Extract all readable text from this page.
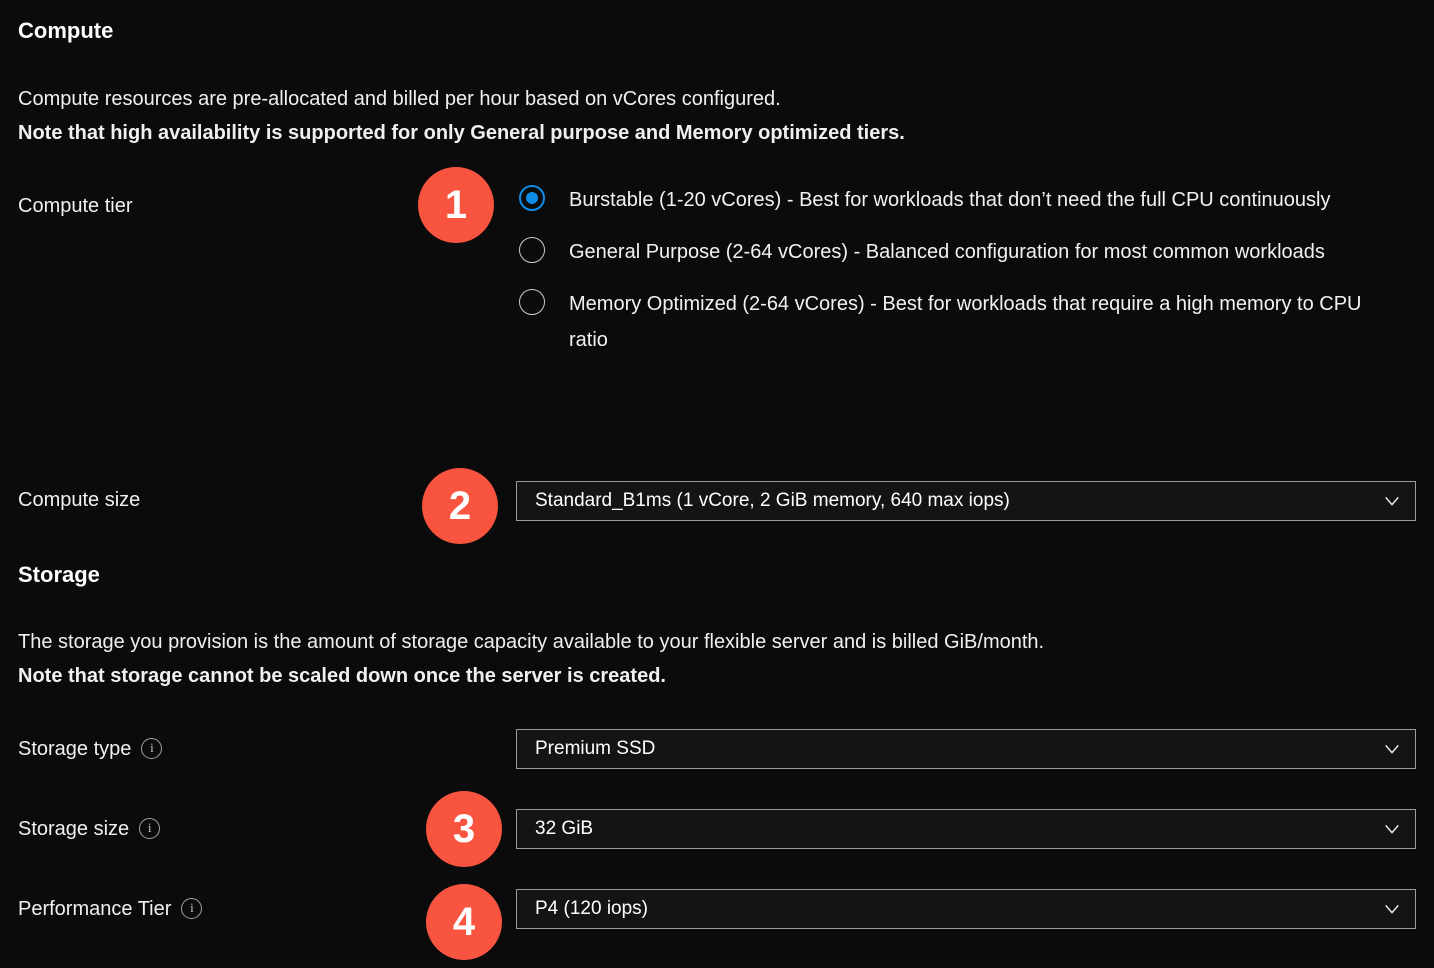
Compute
Compute resources are pre-allocated and billed per hour based on vCores configured.
Note that high availability is supported for only General purpose and Memory optimized tiers.
Compute tier	Burstable (1-20 vCores) - Best for workloads that don’t need the full CPU continuously
General Purpose (2-64 vCores) - Balanced configuration for most common workloads
Memory Optimized (2-64 vCores) - Best for workloads that require a high memory to CPU ratio
Compute size	Standard_B1ms (1 vCore, 2 GiB memory, 640 max iops)
Storage
The storage you provision is the amount of storage capacity available to your flexible server and is billed GiB/month.
Note that storage cannot be scaled down once the server is created.
Storage type i	Premium SSD
Storage size i	32 GiB
Performance Tier i	P4 (120 iops)
1
2
3
4
